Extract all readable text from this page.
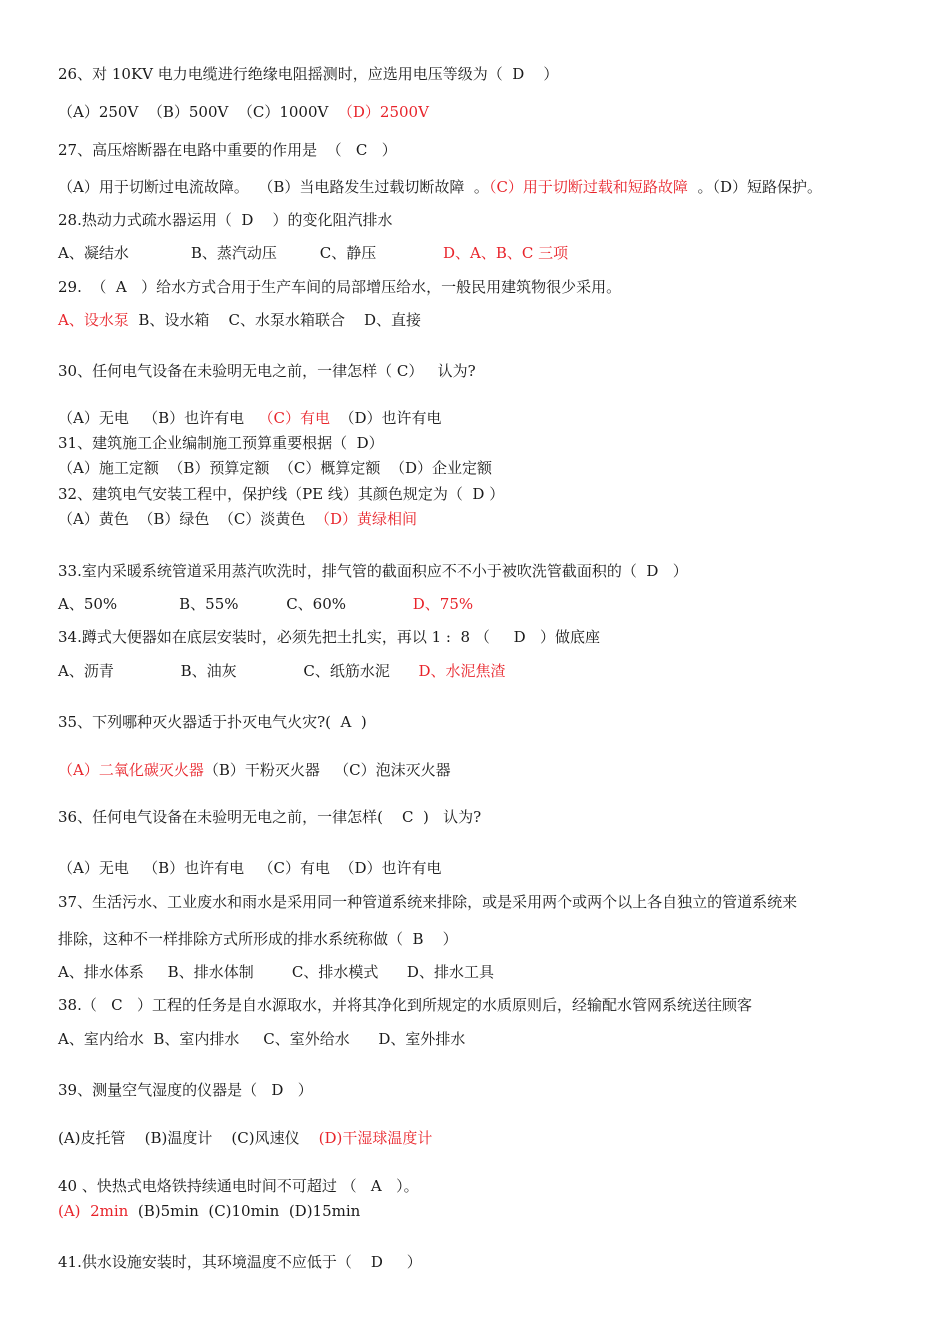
26、对 10KV 电力电缆进行绝缘电阻摇测时，应选用电压等级为（  D    ）
（A）250V  （B）500V  （C）1000V  （D）2500V
27、高压熔断器在电路中重要的作用是  （   C   ）
（A）用于切断过电流故障。  （B）当电路发生过载切断故障  。（C）用于切断过载和短路故障  。（D）短路保护。
28.热动力式疏水器运用（  D    ）的变化阻汽排水
A、凝结水             B、蒸汽动压         C、静压              D、A、B、C 三项
29.  （  A   ）给水方式合用于生产车间的局部增压给水，一般民用建筑物很少采用。
A、设水泵  B、设水箱    C、水泵水箱联合    D、直接
30、任何电气设备在未验明无电之前，一律怎样（ C）   认为?
（A）无电   （B）也许有电   （C）有电  （D）也许有电
31、建筑施工企业编制施工预算重要根据（  D）
（A）施工定额  （B）预算定额  （C）概算定额  （D）企业定额
32、建筑电气安装工程中，保护线（PE 线）其颜色规定为（  D ）
（A）黄色  （B）绿色  （C）淡黄色  （D）黄绿相间
33.室内采暖系统管道采用蒸汽吹洗时，排气管的截面积应不不小于被吹洗管截面积的（  D   ）
A、50%             B、55%          C、60%              D、75%
34.蹲式大便器如在底层安装时，必须先把土扎实，再以 1 :  8 （     D   ）做底座
A、沥青              B、油灰              C、纸筋水泥      D、水泥焦渣
35、下列哪种灭火器适于扑灭电气火灾?(  A  )
（A）二氧化碳灭火器（B）干粉灭火器   （C）泡沫灭火器
36、任何电气设备在未验明无电之前，一律怎样(    C  )   认为?
（A）无电   （B）也许有电   （C）有电  （D）也许有电
37、生活污水、工业废水和雨水是采用同一种管道系统来排除，或是采用两个或两个以上各自独立的管道系统来
排除，这种不一样排除方式所形成的排水系统称做（  B    ）
A、排水体系     B、排水体制        C、排水模式      D、排水工具
38.（   C   ）工程的任务是自水源取水，并将其净化到所规定的水质原则后，经输配水管网系统送往顾客
A、室内给水  B、室内排水     C、室外给水      D、室外排水
39、测量空气湿度的仪器是（   D   ）
(A)皮托管    (B)温度计    (C)风速仪    (D)干湿球温度计
40 、快热式电烙铁持续通电时间不可超过 （   A   ）。
(A)  2min  (B)5min  (C)10min  (D)15min
41.供水设施安装时，其环境温度不应低于（    D     ）
